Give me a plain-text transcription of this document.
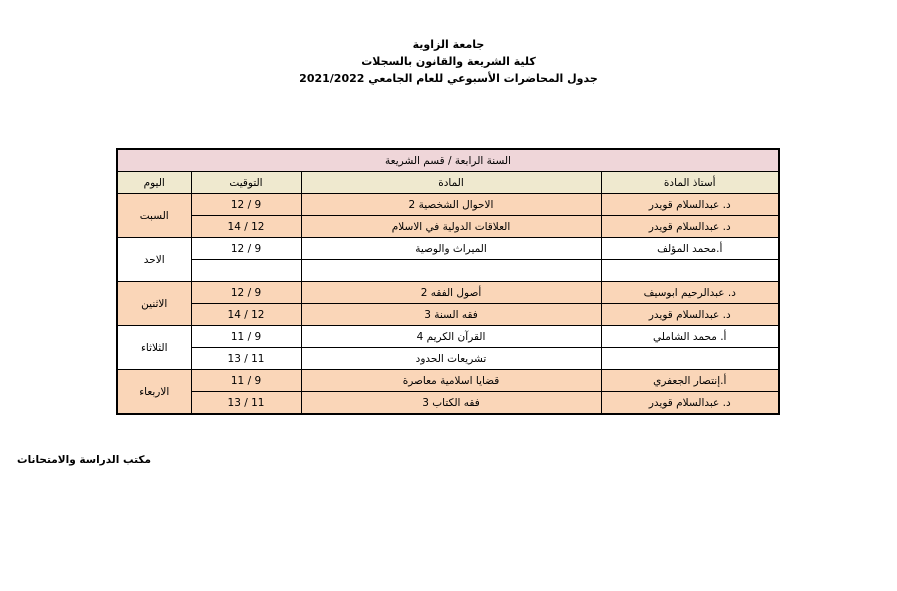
جامعة الزاوية
كلية الشريعة والقانون بالسجلات
جدول المحاضرات الأسبوعي للعام الجامعي 2021/2022
السنة الرابعة / قسم الشريعة			
أستاذ المادة	المادة	التوقيت	اليوم
د. عبدالسلام قويدر	الاحوال الشخصية 2	9 / 12	السبت
د. عبدالسلام قويدر	العلاقات الدولية في الاسلام	12 / 14	
أ.محمد المؤلف	الميراث والوصية	9 / 12	الاحد

د. عبدالرحيم ابوسيف	أصول الفقه 2	9 / 12	الاثنين
د. عبدالسلام قويدر	فقه السنة 3	12 / 14	
أ. محمد الشاملي	القرآن الكريم 4	9 / 11	الثلاثاء
	تشريعات الحدود	11 / 13	
أ.إنتصار الجعفري	قضايا اسلامية معاصرة	9 / 11	الاربعاء
د. عبدالسلام قويدر	فقه الكتاب 3	11 / 13	
مكتب الدراسة والامتحانات
